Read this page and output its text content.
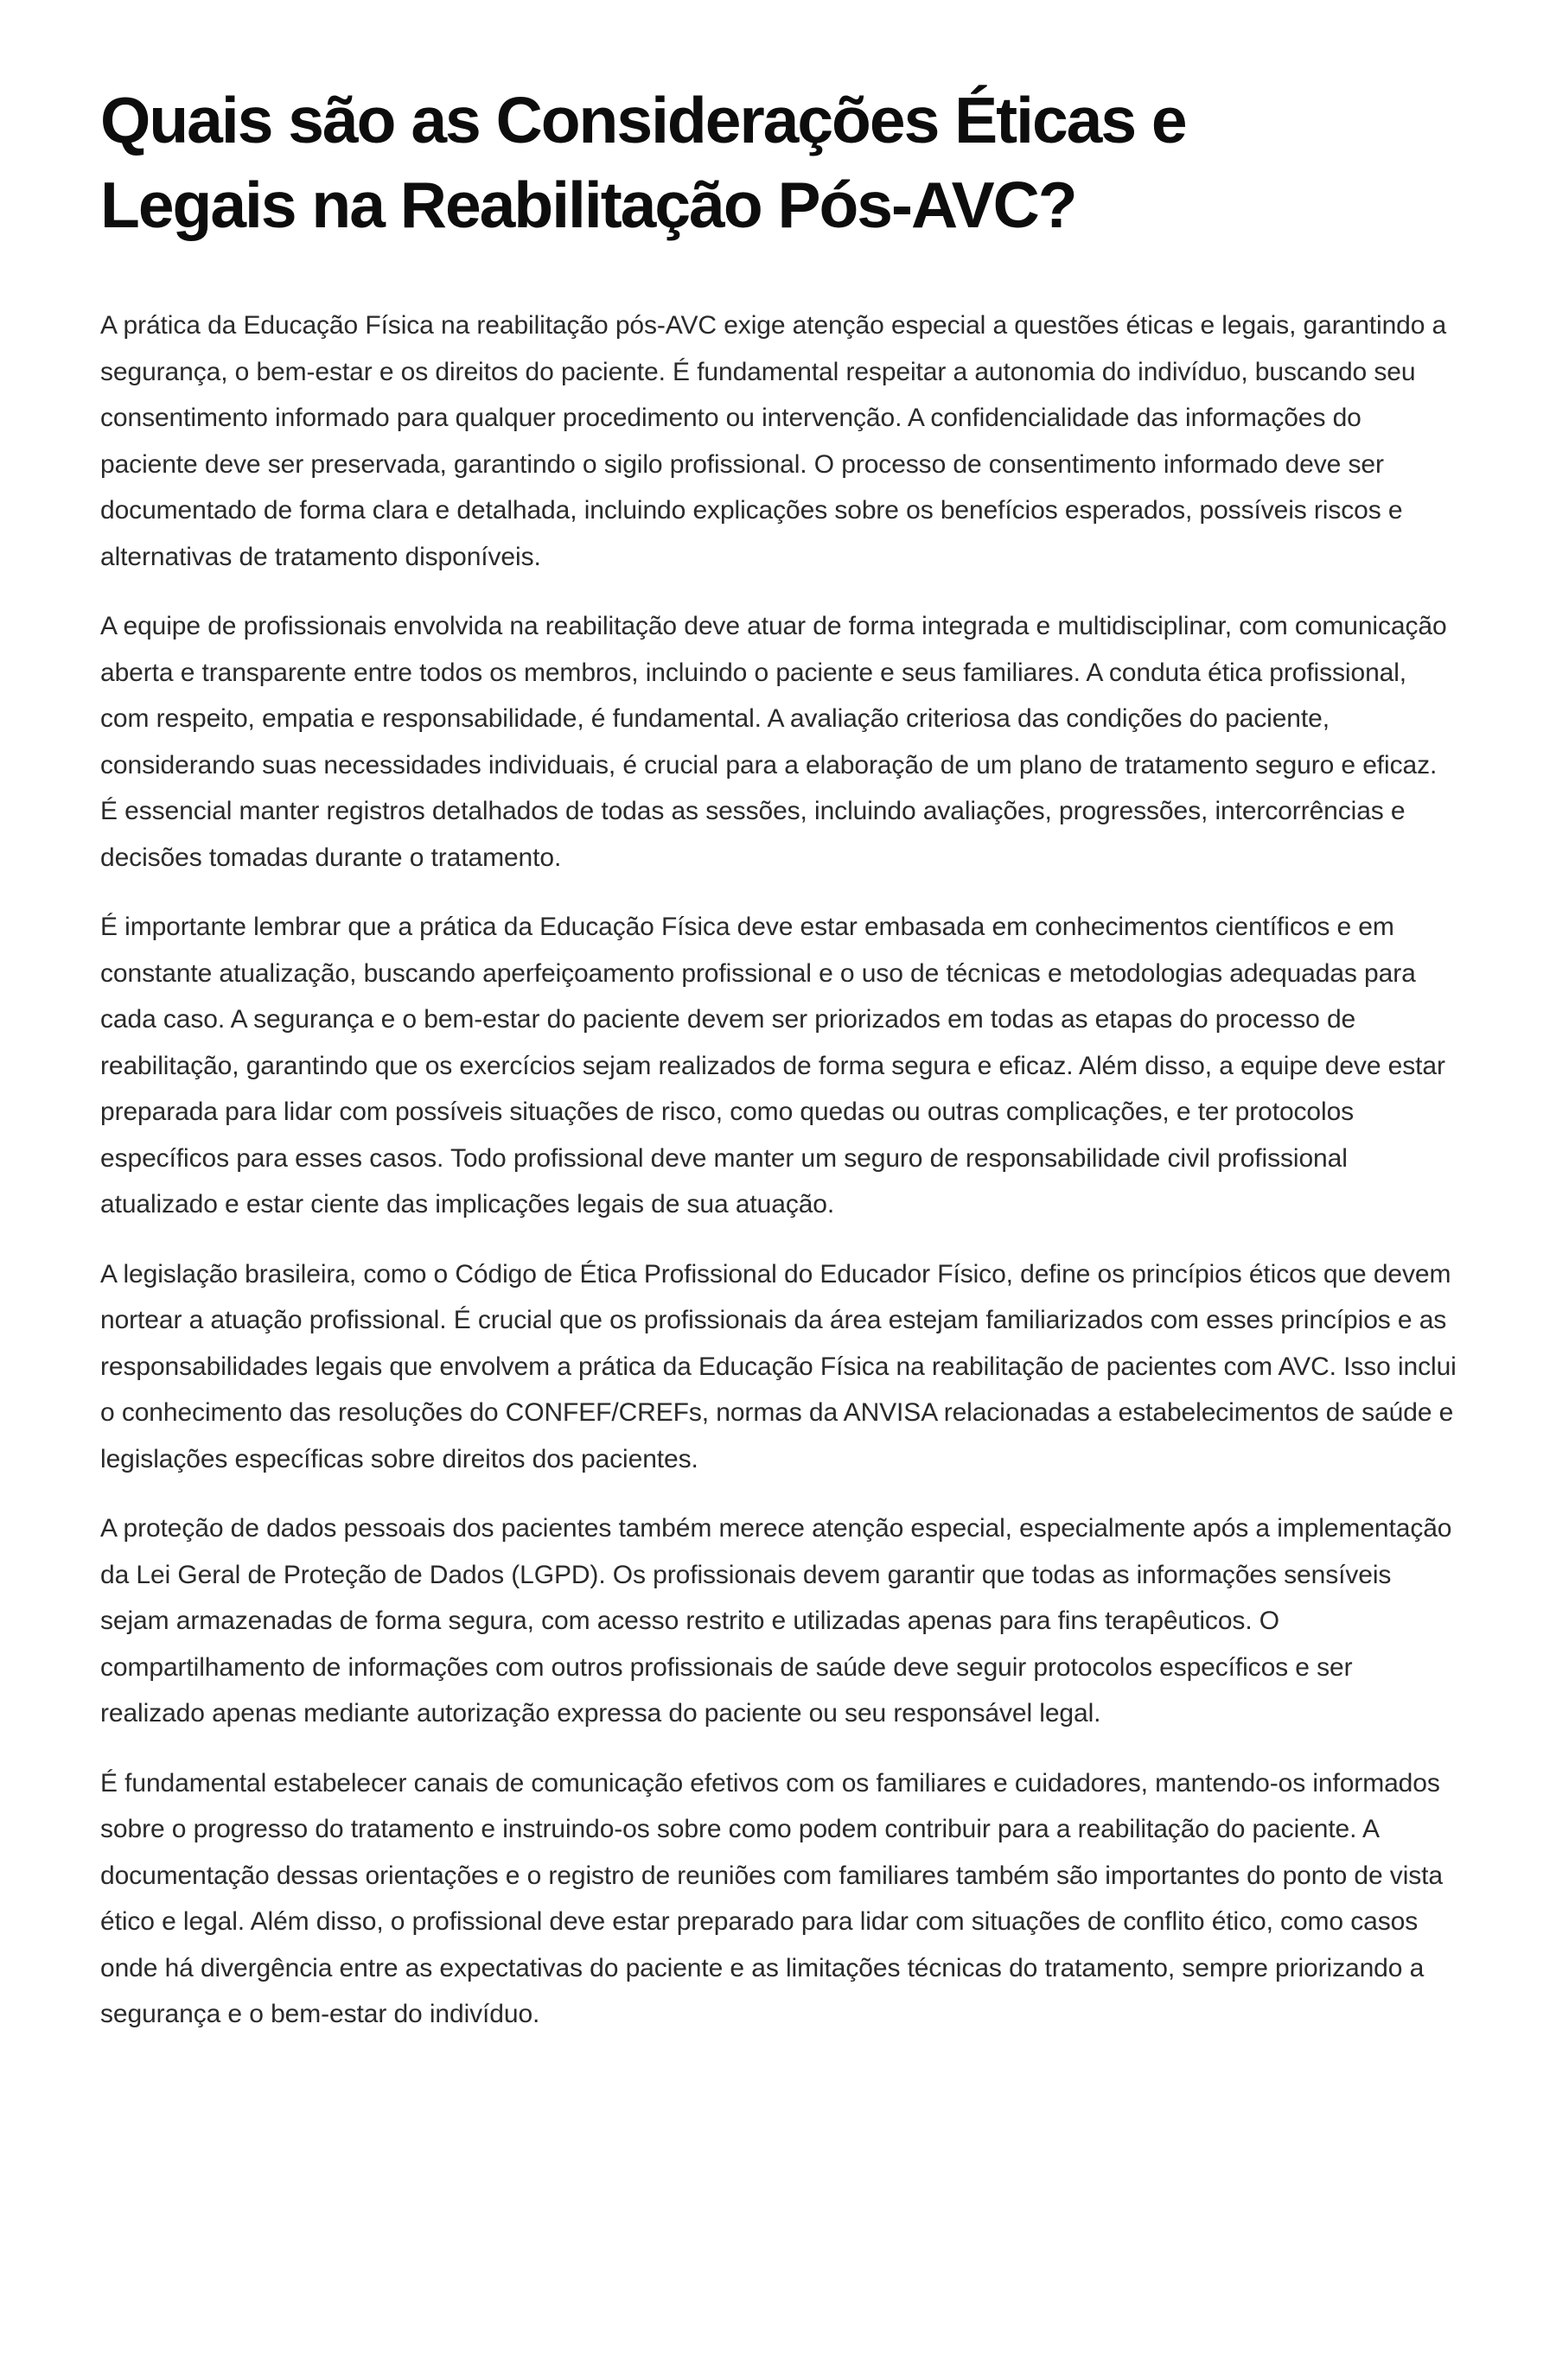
Quais são as Considerações Éticas e Legais na Reabilitação Pós-AVC?

A prática da Educação Física na reabilitação pós-AVC exige atenção especial a questões éticas e legais, garantindo a segurança, o bem-estar e os direitos do paciente. É fundamental respeitar a autonomia do indivíduo, buscando seu consentimento informado para qualquer procedimento ou intervenção. A confidencialidade das informações do paciente deve ser preservada, garantindo o sigilo profissional. O processo de consentimento informado deve ser documentado de forma clara e detalhada, incluindo explicações sobre os benefícios esperados, possíveis riscos e alternativas de tratamento disponíveis.

A equipe de profissionais envolvida na reabilitação deve atuar de forma integrada e multidisciplinar, com comunicação aberta e transparente entre todos os membros, incluindo o paciente e seus familiares. A conduta ética profissional, com respeito, empatia e responsabilidade, é fundamental. A avaliação criteriosa das condições do paciente, considerando suas necessidades individuais, é crucial para a elaboração de um plano de tratamento seguro e eficaz. É essencial manter registros detalhados de todas as sessões, incluindo avaliações, progressões, intercorrências e decisões tomadas durante o tratamento.

É importante lembrar que a prática da Educação Física deve estar embasada em conhecimentos científicos e em constante atualização, buscando aperfeiçoamento profissional e o uso de técnicas e metodologias adequadas para cada caso. A segurança e o bem-estar do paciente devem ser priorizados em todas as etapas do processo de reabilitação, garantindo que os exercícios sejam realizados de forma segura e eficaz. Além disso, a equipe deve estar preparada para lidar com possíveis situações de risco, como quedas ou outras complicações, e ter protocolos específicos para esses casos. Todo profissional deve manter um seguro de responsabilidade civil profissional atualizado e estar ciente das implicações legais de sua atuação.

A legislação brasileira, como o Código de Ética Profissional do Educador Físico, define os princípios éticos que devem nortear a atuação profissional. É crucial que os profissionais da área estejam familiarizados com esses princípios e as responsabilidades legais que envolvem a prática da Educação Física na reabilitação de pacientes com AVC. Isso inclui o conhecimento das resoluções do CONFEF/CREFs, normas da ANVISA relacionadas a estabelecimentos de saúde e legislações específicas sobre direitos dos pacientes.

A proteção de dados pessoais dos pacientes também merece atenção especial, especialmente após a implementação da Lei Geral de Proteção de Dados (LGPD). Os profissionais devem garantir que todas as informações sensíveis sejam armazenadas de forma segura, com acesso restrito e utilizadas apenas para fins terapêuticos. O compartilhamento de informações com outros profissionais de saúde deve seguir protocolos específicos e ser realizado apenas mediante autorização expressa do paciente ou seu responsável legal.

É fundamental estabelecer canais de comunicação efetivos com os familiares e cuidadores, mantendo-os informados sobre o progresso do tratamento e instruindo-os sobre como podem contribuir para a reabilitação do paciente. A documentação dessas orientações e o registro de reuniões com familiares também são importantes do ponto de vista ético e legal. Além disso, o profissional deve estar preparado para lidar com situações de conflito ético, como casos onde há divergência entre as expectativas do paciente e as limitações técnicas do tratamento, sempre priorizando a segurança e o bem-estar do indivíduo.
